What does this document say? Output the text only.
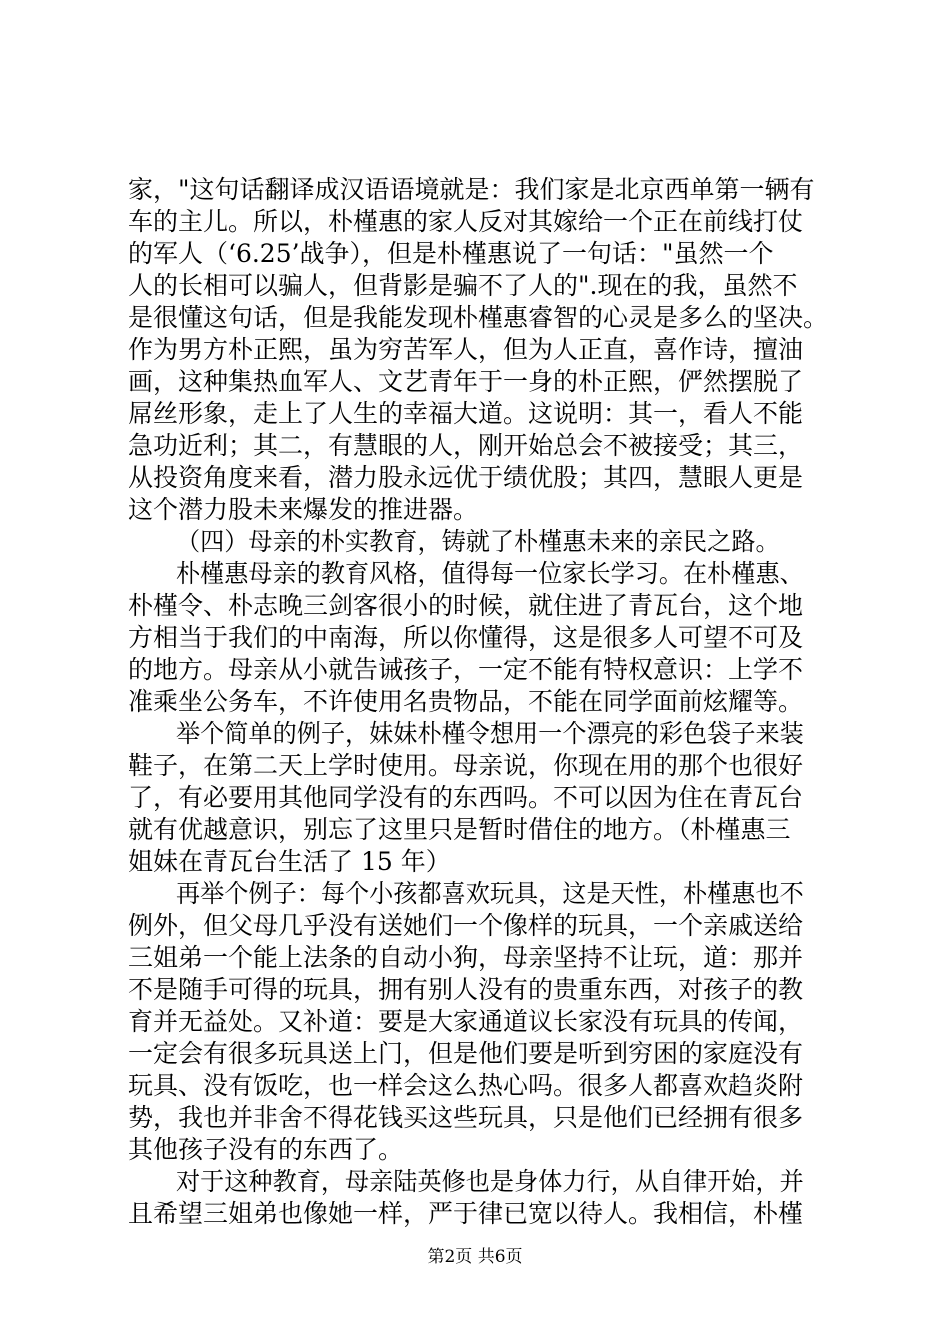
家，"这句话翻译成汉语语境就是：我们家是北京西单第一辆有
车的主儿。所以，朴槿惠的家人反对其嫁给一个正在前线打仗
的军人（‘6.25’战争），但是朴槿惠说了一句话："虽然一个
人的长相可以骗人，但背影是骗不了人的".现在的我，虽然不
是很懂这句话，但是我能发现朴槿惠睿智的心灵是多么的坚决。
作为男方朴正熙，虽为穷苦军人，但为人正直，喜作诗，擅油
画，这种集热血军人、文艺青年于一身的朴正熙，俨然摆脱了
屌丝形象，走上了人生的幸福大道。这说明：其一，看人不能
急功近利；其二，有慧眼的人，刚开始总会不被接受；其三，
从投资角度来看，潜力股永远优于绩优股；其四，慧眼人更是
这个潜力股未来爆发的推进器。
（四）母亲的朴实教育，铸就了朴槿惠未来的亲民之路。
朴槿惠母亲的教育风格，值得每一位家长学习。在朴槿惠、
朴槿令、朴志晚三剑客很小的时候，就住进了青瓦台，这个地
方相当于我们的中南海，所以你懂得，这是很多人可望不可及
的地方。母亲从小就告诫孩子，一定不能有特权意识：上学不
准乘坐公务车，不许使用名贵物品，不能在同学面前炫耀等。
举个简单的例子，妹妹朴槿令想用一个漂亮的彩色袋子来装
鞋子，在第二天上学时使用。母亲说，你现在用的那个也很好
了，有必要用其他同学没有的东西吗。不可以因为住在青瓦台
就有优越意识，别忘了这里只是暂时借住的地方。（朴槿惠三
姐妹在青瓦台生活了 15 年）
再举个例子：每个小孩都喜欢玩具，这是天性，朴槿惠也不
例外，但父母几乎没有送她们一个像样的玩具，一个亲戚送给
三姐弟一个能上法条的自动小狗，母亲坚持不让玩，道：那并
不是随手可得的玩具，拥有别人没有的贵重东西，对孩子的教
育并无益处。又补道：要是大家通道议长家没有玩具的传闻，
一定会有很多玩具送上门，但是他们要是听到穷困的家庭没有
玩具、没有饭吃，也一样会这么热心吗。很多人都喜欢趋炎附
势，我也并非舍不得花钱买这些玩具，只是他们已经拥有很多
其他孩子没有的东西了。
对于这种教育，母亲陆英修也是身体力行，从自律开始，并
且希望三姐弟也像她一样，严于律已宽以待人。我相信，朴槿
第2页 共6页
